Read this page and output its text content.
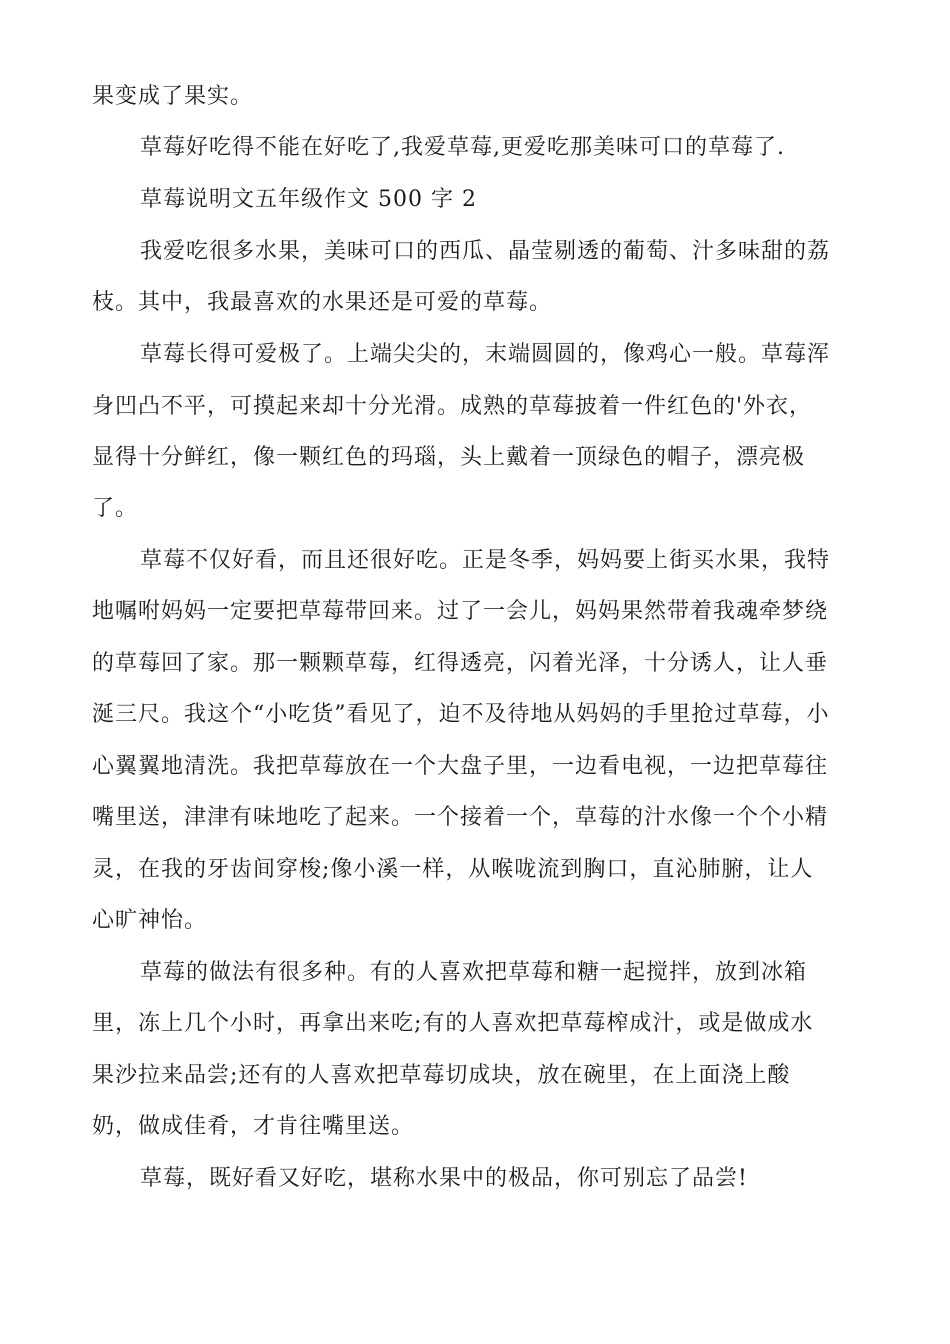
果变成了果实。
草莓好吃得不能在好吃了,我爱草莓,更爱吃那美味可口的草莓了.
草莓说明文五年级作文 500 字 2
我爱吃很多水果，美味可口的西瓜、晶莹剔透的葡萄、汁多味甜的荔
枝。其中，我最喜欢的水果还是可爱的草莓。
草莓长得可爱极了。上端尖尖的，末端圆圆的，像鸡心一般。草莓浑
身凹凸不平，可摸起来却十分光滑。成熟的草莓披着一件红色的'外衣，
显得十分鲜红，像一颗红色的玛瑙，头上戴着一顶绿色的帽子，漂亮极
了。
草莓不仅好看，而且还很好吃。正是冬季，妈妈要上街买水果，我特
地嘱咐妈妈一定要把草莓带回来。过了一会儿，妈妈果然带着我魂牵梦绕
的草莓回了家。那一颗颗草莓，红得透亮，闪着光泽，十分诱人，让人垂
涎三尺。我这个“小吃货”看见了，迫不及待地从妈妈的手里抢过草莓，小
心翼翼地清洗。我把草莓放在一个大盘子里，一边看电视，一边把草莓往
嘴里送，津津有味地吃了起来。一个接着一个，草莓的汁水像一个个小精
灵，在我的牙齿间穿梭;像小溪一样，从喉咙流到胸口，直沁肺腑，让人
心旷神怡。
草莓的做法有很多种。有的人喜欢把草莓和糖一起搅拌，放到冰箱
里，冻上几个小时，再拿出来吃;有的人喜欢把草莓榨成汁，或是做成水
果沙拉来品尝;还有的人喜欢把草莓切成块，放在碗里，在上面浇上酸
奶，做成佳肴，才肯往嘴里送。
草莓，既好看又好吃，堪称水果中的极品，你可别忘了品尝!
